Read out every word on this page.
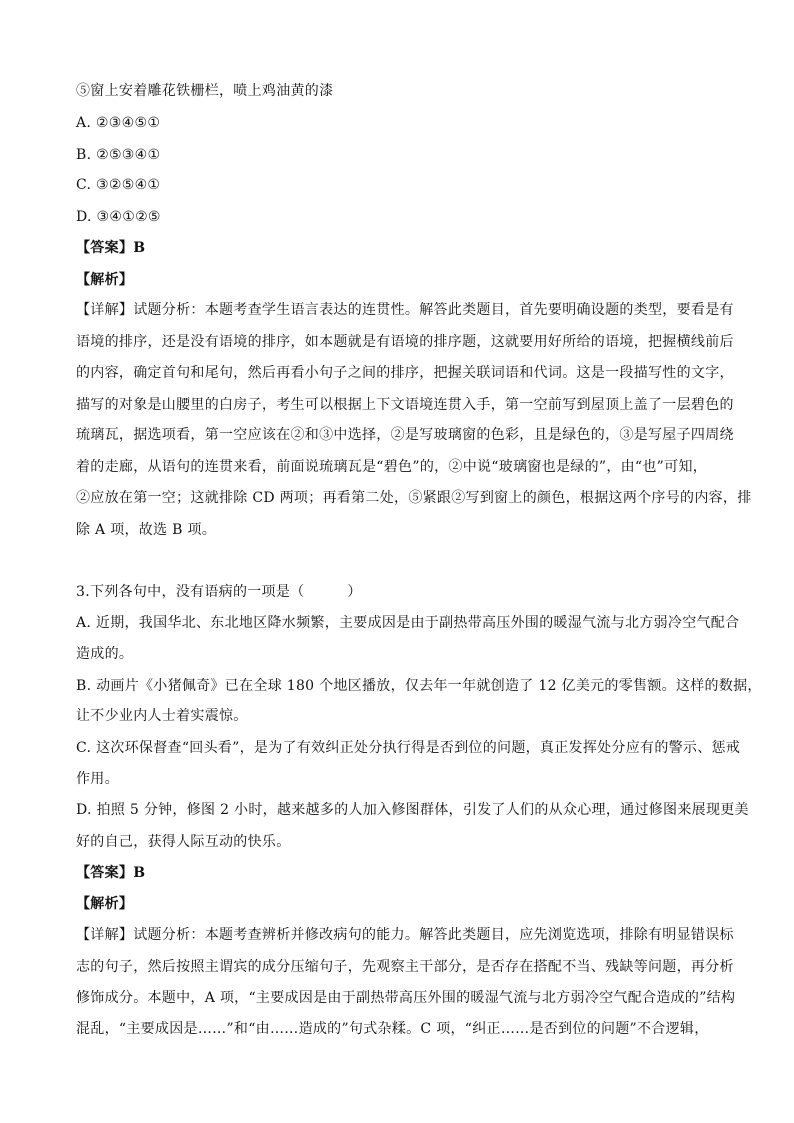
⑤窗上安着雕花铁栅栏，喷上鸡油黄的漆
A. ②③④⑤①
B. ②⑤③④①
C. ③②⑤④①
D. ③④①②⑤
【答案】B
【解析】
【详解】试题分析：本题考查学生语言表达的连贯性。解答此类题目，首先要明确设题的类型，要看是有
语境的排序，还是没有语境的排序，如本题就是有语境的排序题，这就要用好所给的语境，把握横线前后
的内容，确定首句和尾句，然后再看小句子之间的排序，把握关联词语和代词。这是一段描写性的文字，
描写的对象是山腰里的白房子，考生可以根据上下文语境连贯入手，第一空前写到屋顶上盖了一层碧色的
琉璃瓦，据选项看，第一空应该在②和③中选择，②是写玻璃窗的色彩，且是绿色的，③是写屋子四周绕
着的走廊，从语句的连贯来看，前面说琉璃瓦是“碧色”的，②中说“玻璃窗也是绿的”，由“也”可知，
②应放在第一空；这就排除 CD 两项；再看第二处，⑤紧跟②写到窗上的颜色，根据这两个序号的内容，排
除 A 项，故选 B 项。
3.下列各句中，没有语病的一项是（　　　）
A. 近期，我国华北、东北地区降水频繁，主要成因是由于副热带高压外围的暖湿气流与北方弱冷空气配合
造成的。
B. 动画片《小猪佩奇》已在全球 180 个地区播放，仅去年一年就创造了 12 亿美元的零售额。这样的数据，
让不少业内人士着实震惊。
C. 这次环保督查“回头看”，是为了有效纠正处分执行得是否到位的问题，真正发挥处分应有的警示、惩戒
作用。
D. 拍照 5 分钟，修图 2 小时，越来越多的人加入修图群体，引发了人们的从众心理，通过修图来展现更美
好的自己，获得人际互动的快乐。
【答案】B
【解析】
【详解】试题分析：本题考查辨析并修改病句的能力。解答此类题目，应先浏览选项，排除有明显错误标
志的句子，然后按照主谓宾的成分压缩句子，先观察主干部分，是否存在搭配不当、残缺等问题，再分析
修饰成分。本题中，A 项，“主要成因是由于副热带高压外围的暖湿气流与北方弱冷空气配合造成的”结构
混乱，“主要成因是……”和“由……造成的”句式杂糅。C 项，“纠正……是否到位的问题”不合逻辑，
